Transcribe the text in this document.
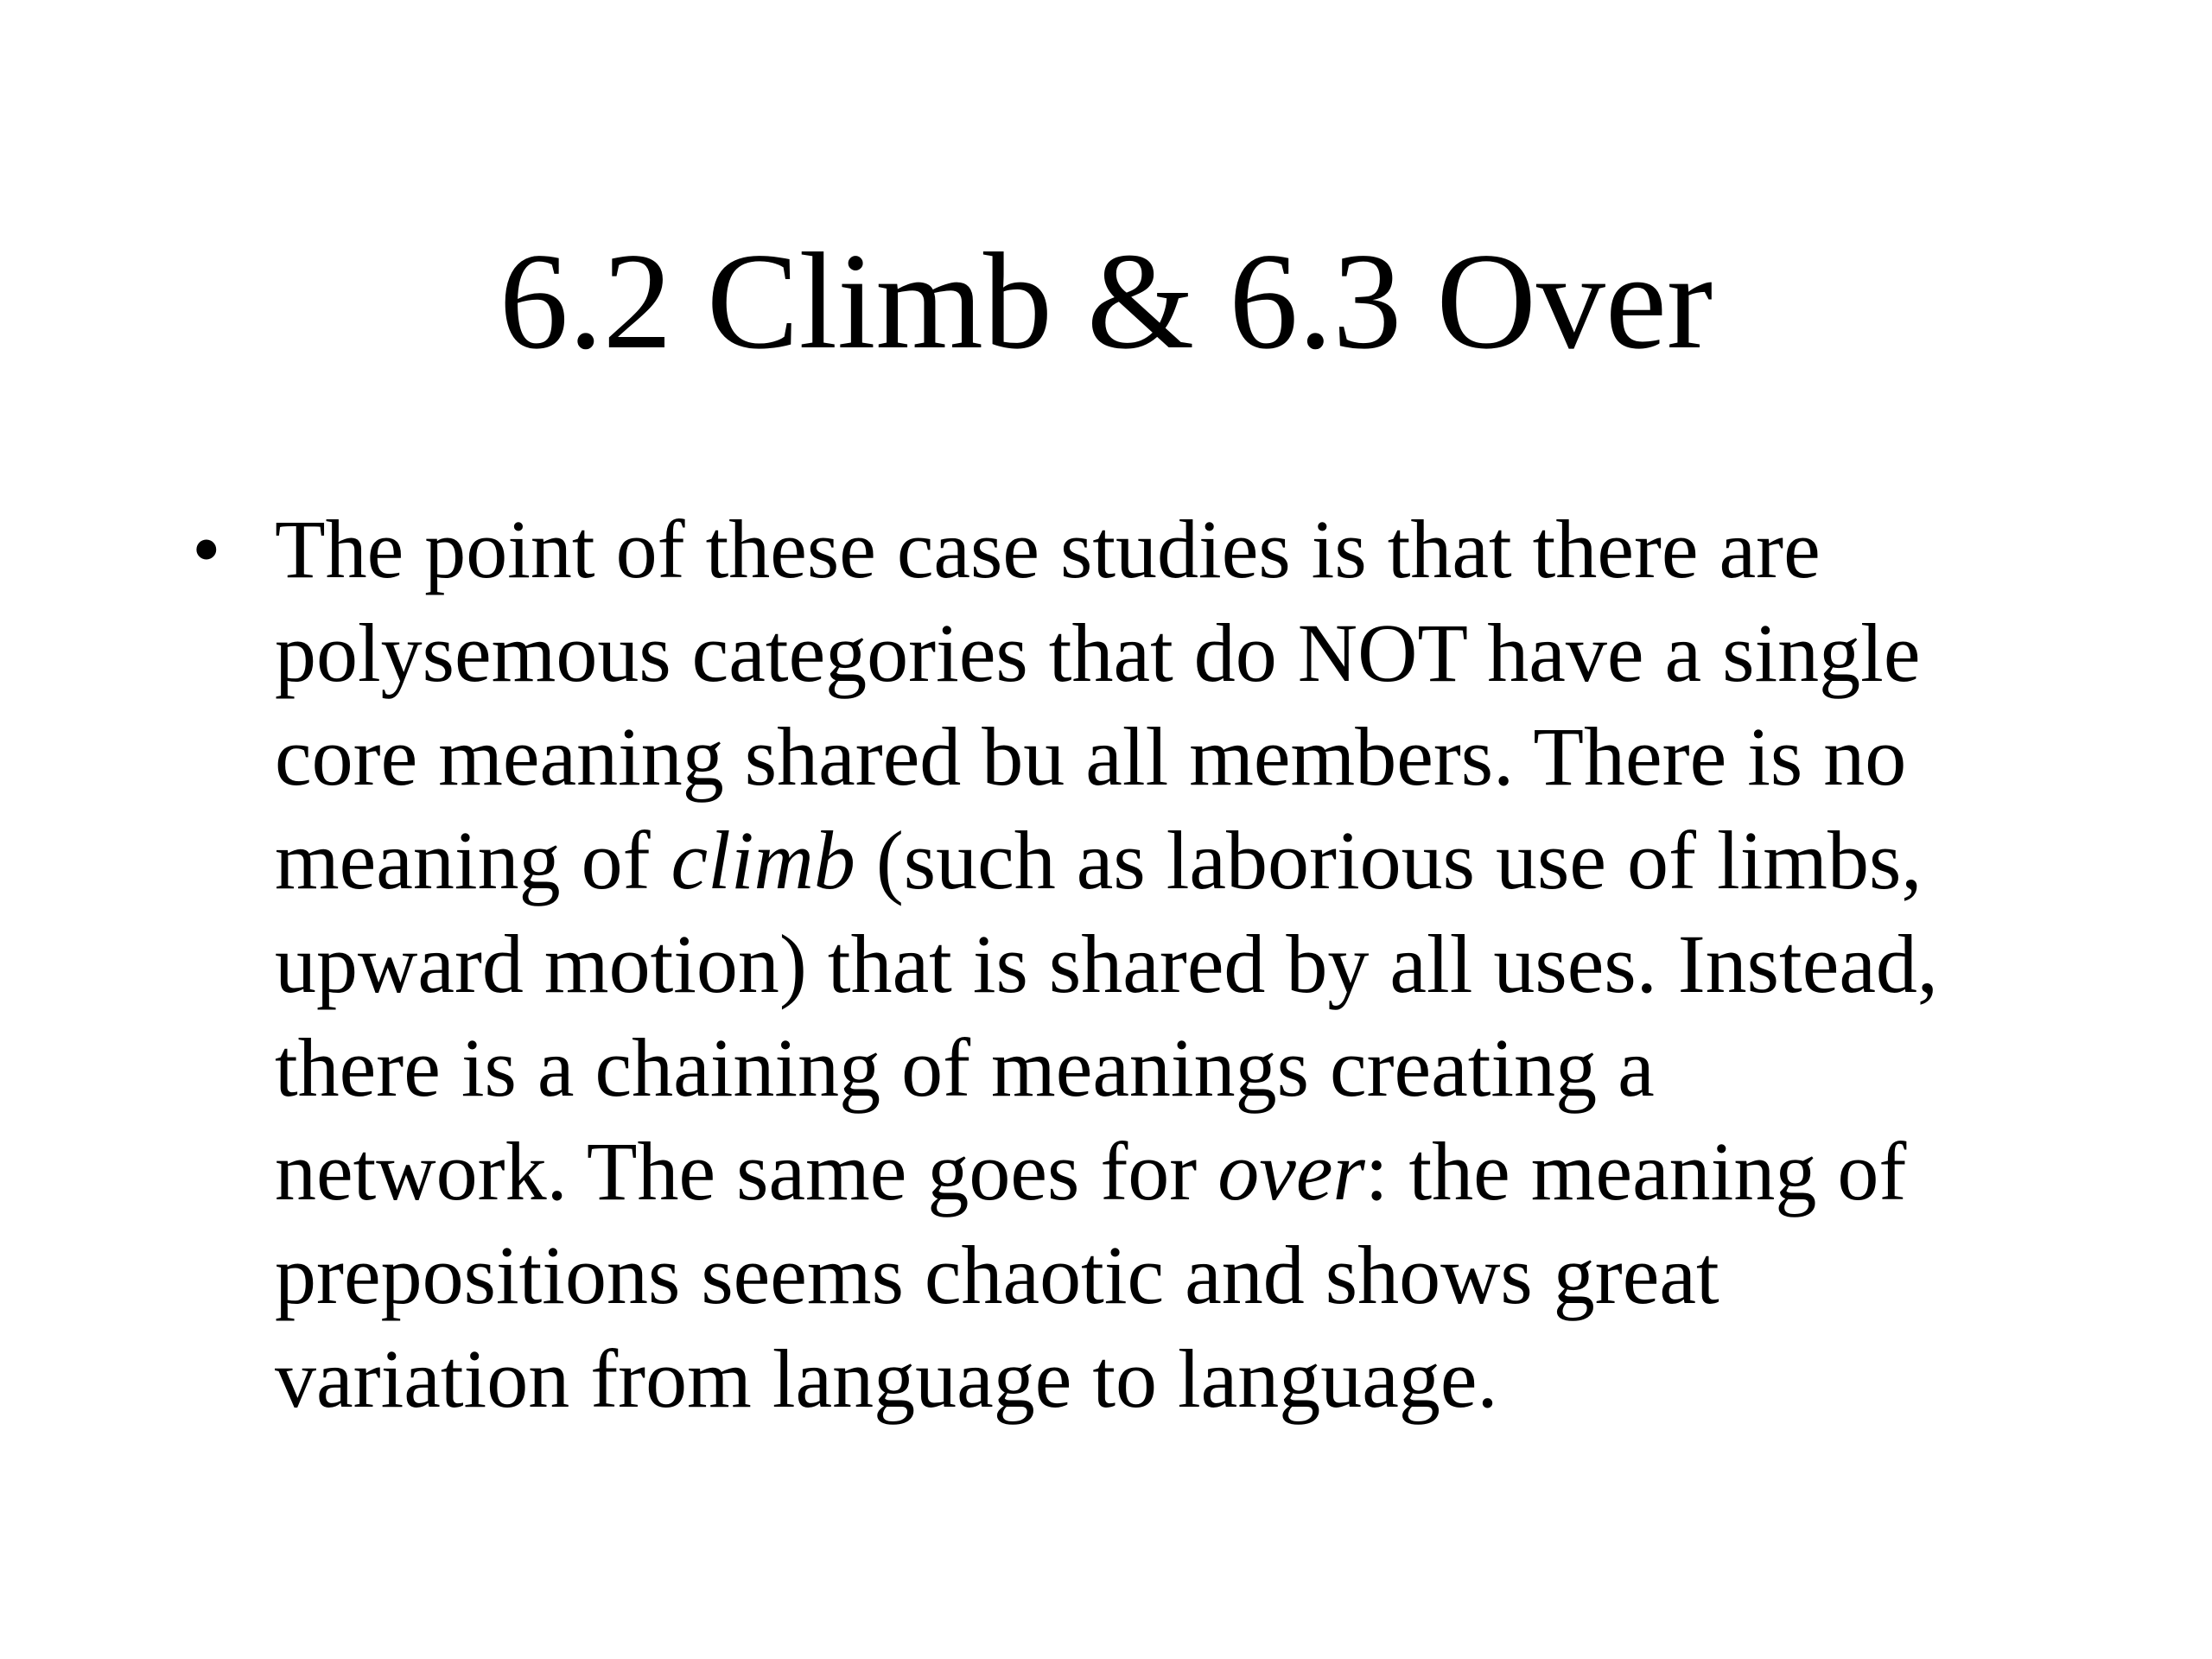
6.2 Climb & 6.3 Over
• The point of these case studies is that there are
polysemous categories that do NOT have a single
core meaning shared bu all members. There is no
meaning of climb (such as laborious use of limbs,
upward motion) that is shared by all uses. Instead,
there is a chaining of meanings creating a
network. The same goes for over: the meaning of
prepositions seems chaotic and shows great
variation from language to language.
